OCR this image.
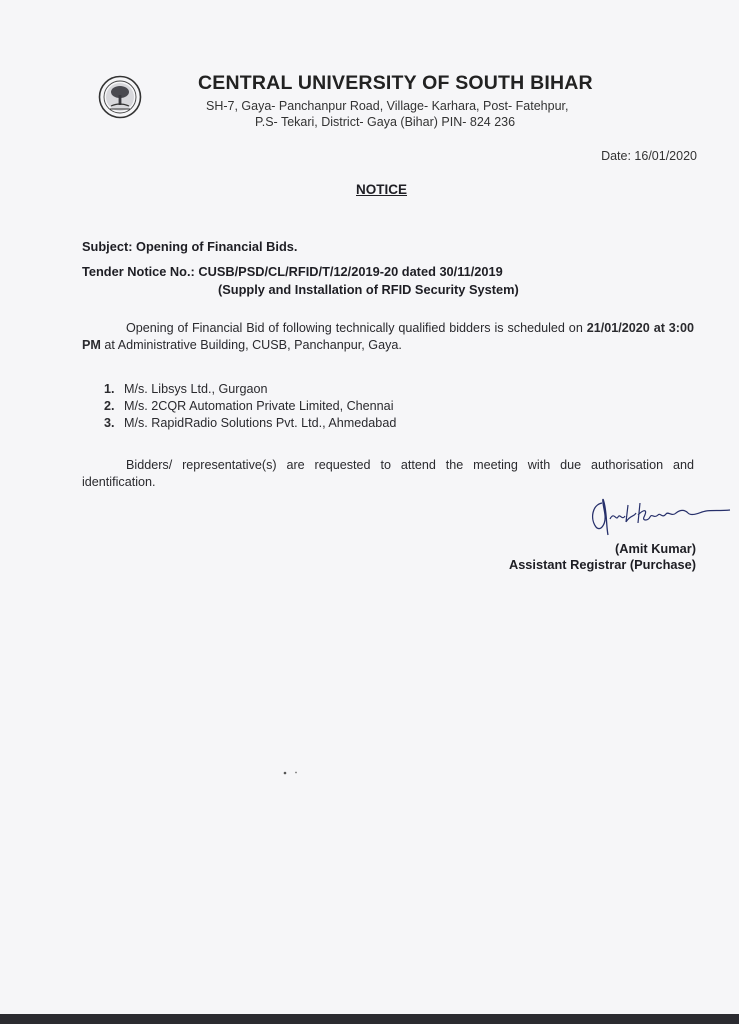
CENTRAL UNIVERSITY OF SOUTH BIHAR
SH-7, Gaya- Panchanpur Road, Village- Karhara, Post- Fatehpur,
P.S- Tekari, District- Gaya (Bihar) PIN- 824 236
Date: 16/01/2020
NOTICE
Subject: Opening of Financial Bids.
Tender Notice No.: CUSB/PSD/CL/RFID/T/12/2019-20 dated 30/11/2019
(Supply and Installation of RFID Security System)
Opening of Financial Bid of following technically qualified bidders is scheduled on 21/01/2020 at 3:00 PM at Administrative Building, CUSB, Panchanpur, Gaya.
1. M/s. Libsys Ltd., Gurgaon
2. M/s. 2CQR Automation Private Limited, Chennai
3. M/s. RapidRadio Solutions Pvt. Ltd., Ahmedabad
Bidders/ representative(s) are requested to attend the meeting with due authorisation and identification.
(Amit Kumar)
Assistant Registrar (Purchase)
